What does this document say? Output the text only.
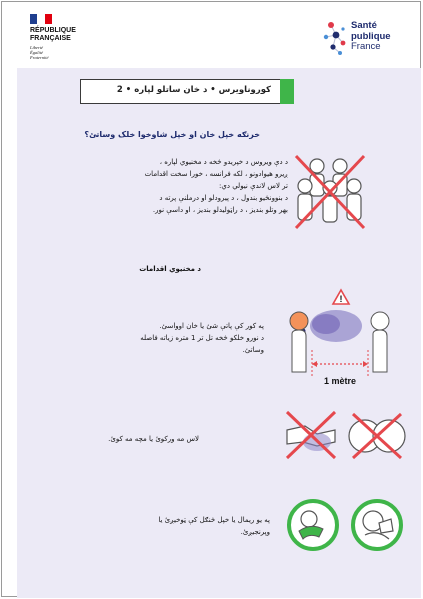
RÉPUBLIQUE
FRANÇAISE
Liberté
Égalité
Fraternité
Santé
publique
France
كوروناويرس • د خان ساتلو لپاره • 2
خرنګه خپل خان او خپل شاوخوا خلک وساتئ؟
د دې ويروس د خپريدو څخه د مخنيوي لپاره ،
ږيرو هيوادونو ، لکه فرانسه ، خورا سخت اقدامات
تر لاس لاندې نيولي دي:
د بنوونځيو بندول ، د پيرودلو او درملنې پرته د
بهر وتلو بنديز ، د راټوليدلو بنديز ، او داسې نور.
د مخنيوي اقدامات
په کور کې پاتې شئ يا خان اوواسئ.
د نورو خلکو څخه تل تر 1 متره زياته فاصله
وساتئ.
!
1 mètre
لاس مه ورکوئ يا مچه مه کوئ.
په يو ريمال يا خپل څنګل کې ټوخيږئ يا
وپرنجيږئ.
